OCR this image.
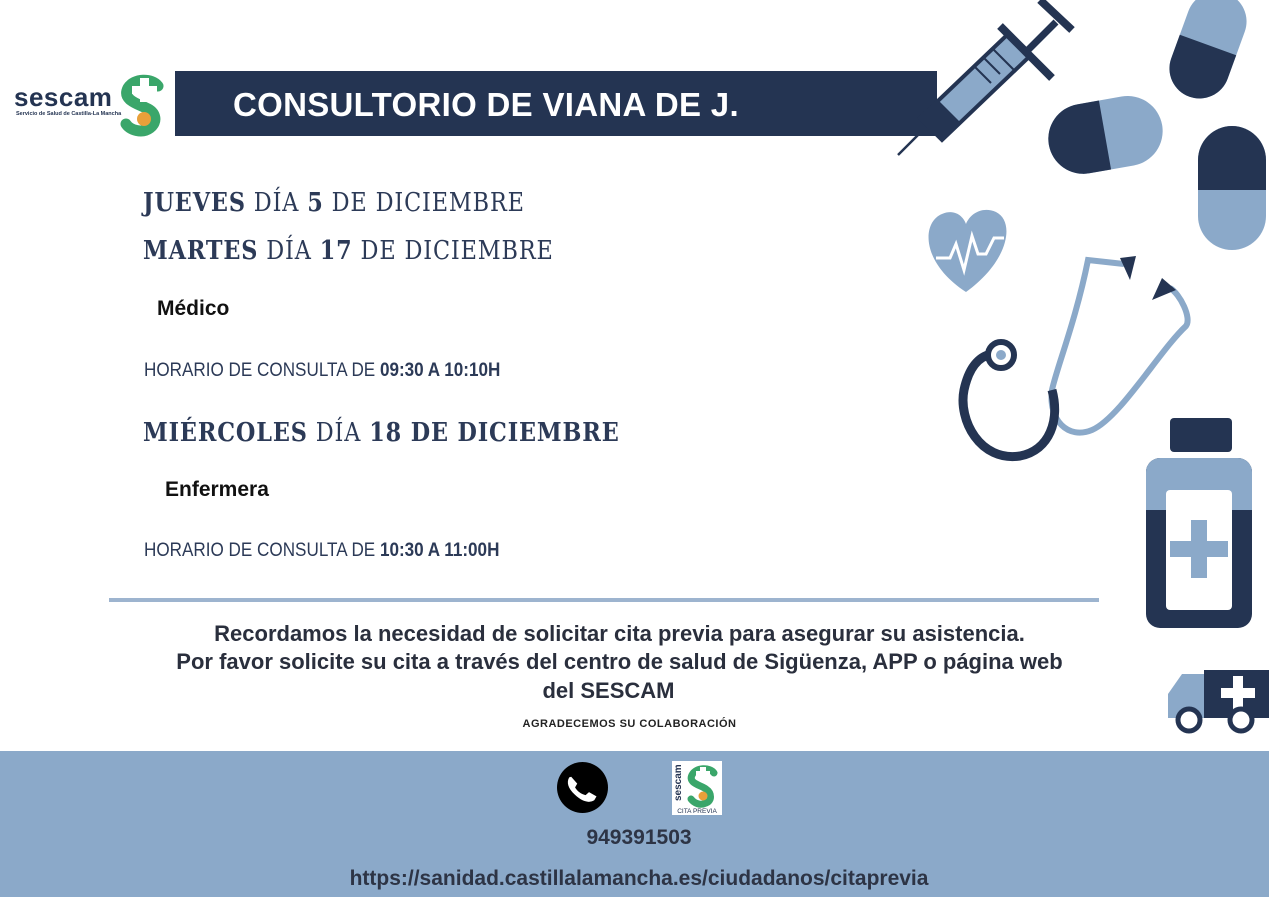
sescam
Servicio de Salud de Castilla-La Mancha	CONSULTORIO DE VIANA DE J.
JUEVES DÍA 5 DE DICIEMBRE
MARTES DÍA 17 DE DICIEMBRE
Médico
HORARIO DE CONSULTA DE 09:30 A 10:10H
MIÉRCOLES DÍA 18 DE DICIEMBRE
Enfermera
HORARIO DE CONSULTA DE 10:30 A 11:00H
Recordamos la necesidad de solicitar cita previa para asegurar su asistencia.
Por favor solicite su cita a través del centro de salud de Sigüenza, APP o página web
del SESCAM
AGRADECEMOS SU COLABORACIÓN
sescam
CITA PREVIA
949391503
https://sanidad.castillalamancha.es/ciudadanos/citaprevia
